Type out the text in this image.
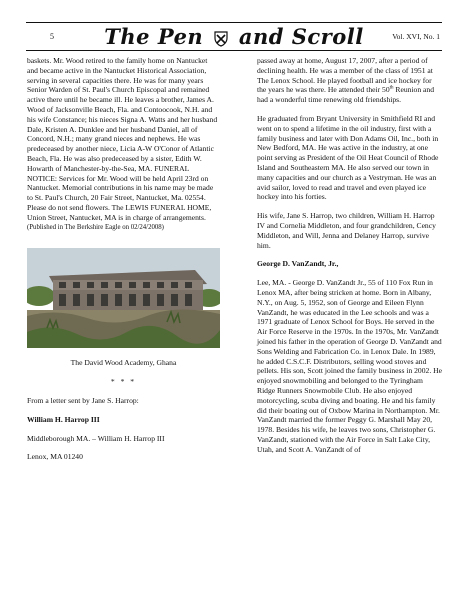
5	The Pen and Scroll	Vol. XVI, No. 1

baskets. Mr. Wood retired to the family home on Nantucket and became active in the Nantucket Historical Association, serving in several capacities there. He was for many years Senior Warden of St. Paul's Church Episcopal and remained active there until he became ill. He leaves a brother, James A. Wood of Jacksonville Beach, Fla. and Contoocook, N.H. and his wife Constance; his nieces Signa A. Watts and her husband Dale, Kristen A. Dunklee and her husband Daniel, all of Concord, N.H.; many grand nieces and nephews. He was predeceased by another niece, Licia A-W O'Conor of Atlantic Beach, Fla. He was also predeceased by a sister, Edith W. Howarth of Manchester-by-the-Sea, MA. FUNERAL NOTICE: Services for Mr. Wood will be held April 23rd on Nantucket. Memorial contributions in his name may be made to St. Paul's Church, 20 Fair Street, Nantucket, Ma. 02554. Please do not send flowers. The LEWIS FUNERAL HOME, Union Street, Nantucket, MA is in charge of arrangements.

(Published in The Berkshire Eagle on 02/24/2008)

The David Wood Academy, Ghana

* * *

From a letter sent by Jane S. Harrop:

William H. Harrop III

Middleborough MA. – William H. Harrop III

Lenox, MA 01240

passed away at home, August 17, 2007, after a period of declining health. He was a member of the class of 1951 at The Lenox School. He played football and ice hockey for the years he was there. He attended their 50th Reunion and had a wonderful time renewing old friendships.

He graduated from Bryant University in Smithfield RI and went on to spend a lifetime in the oil industry, first with a family business and later with Don Adams Oil, Inc., both in New Bedford, MA. He was active in the industry, at one point serving as President of the Oil Heat Council of Rhode Island and Southeastern MA. He also served our town in many capacities and our church as a Vestryman. He was an avid sailor, loved to read and travel and even played ice hockey into his forties.

His wife, Jane S. Harrop, two children, William H. Harrop IV and Cornelia Middleton, and four grandchildren, Cency Middleton, and Will, Jenna and Delaney Harrop, survive him.

George D. VanZandt, Jr.,

Lee, MA. - George D. VanZandt Jr., 55 of 110 Fox Run in Lenox MA, after being stricken at home. Born in Albany, N.Y., on Aug. 5, 1952, son of George and Eileen Flynn VanZandt, he was educated in the Lee schools and was a 1971 graduate of Lenox School for Boys. He served in the Air Force Reserve in the 1970s. In the 1970s, Mr. VanZandt joined his father in the operation of George D. VanZandt and Sons Welding and Fabrication Co. in Lenox Dale. In 1989, he added C.S.C.F. Distributors, selling wood stoves and pellets. His son, Scott joined the family business in 2002. He enjoyed snowmobiling and belonged to the Tyringham Ridge Runners Snowmobile Club. He also enjoyed motorcycling, scuba diving and boating. He and his family did their boating out of Oxbow Marina in Northampton. Mr. VanZandt married the former Peggy G. Marshall May 20, 1978. Besides his wife, he leaves two sons, Christopher G. VanZandt, stationed with the Air Force in Salt Lake City, Utah, and Scott A. VanZandt of of
